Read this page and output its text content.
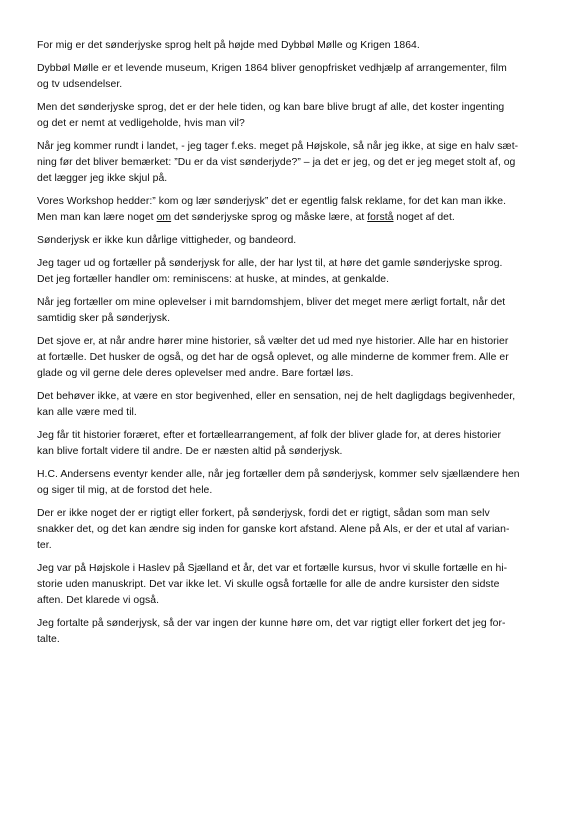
For mig er det sønderjyske sprog helt på højde med Dybbøl Mølle og Krigen 1864.

Dybbøl Mølle er et levende museum, Krigen 1864 bliver genopfrisket vedhjælp af arrangementer, film
og tv udsendelser.

Men det sønderjyske sprog, det er der hele tiden, og kan bare blive brugt af alle, det koster ingenting
og det er nemt at vedligeholde, hvis man vil?

Når jeg kommer rundt i landet, - jeg tager f.eks. meget på Højskole, så når jeg ikke, at sige en halv sæt-
ning før det bliver bemærket: ”Du er da vist sønderjyde?” – ja det er jeg, og det er jeg meget stolt af, og
det lægger jeg ikke skjul på.

Vores Workshop hedder:” kom og lær sønderjysk” det er egentlig falsk reklame, for det kan man ikke.
Men man kan lære noget om det sønderjyske sprog og måske lære, at forstå noget af det.

Sønderjysk er ikke kun dårlige vittigheder, og bandeord.

Jeg tager ud og fortæller på sønderjysk for alle, der har lyst til, at høre det gamle sønderjyske sprog.
Det jeg fortæller handler om: reminiscens: at huske, at mindes, at genkalde.

Når jeg fortæller om mine oplevelser i mit barndomshjem, bliver det meget mere ærligt fortalt, når det
samtidig sker på sønderjysk.

Det sjove er, at når andre hører mine historier, så vælter det ud med nye historier. Alle har en historier
at fortælle. Det husker de også, og det har de også oplevet, og alle minderne de kommer frem. Alle er
glade og vil gerne dele deres oplevelser med andre. Bare fortæl løs.

Det behøver ikke, at være en stor begivenhed, eller en sensation, nej de helt dagligdags begivenheder,
kan alle være med til.

Jeg får tit historier foræret, efter et fortællearrangement, af folk der bliver glade for, at deres historier
kan blive fortalt videre til andre. De er næsten altid på sønderjysk.

H.C. Andersens eventyr kender alle, når jeg fortæller dem på sønderjysk, kommer selv sjællændere hen
og siger til mig, at de forstod det hele.

Der er ikke noget der er rigtigt eller forkert, på sønderjysk, fordi det er rigtigt, sådan som man selv
snakker det, og det kan ændre sig inden for ganske kort afstand. Alene på Als, er der et utal af varian-
ter.

Jeg var på Højskole i Haslev på Sjælland et år, det var et fortælle kursus, hvor vi skulle fortælle en hi-
storie uden manuskript. Det var ikke let. Vi skulle også fortælle for alle de andre kursister den sidste
aften. Det klarede vi også.

Jeg fortalte på sønderjysk, så der var ingen der kunne høre om, det var rigtigt eller forkert det jeg for-
talte.
